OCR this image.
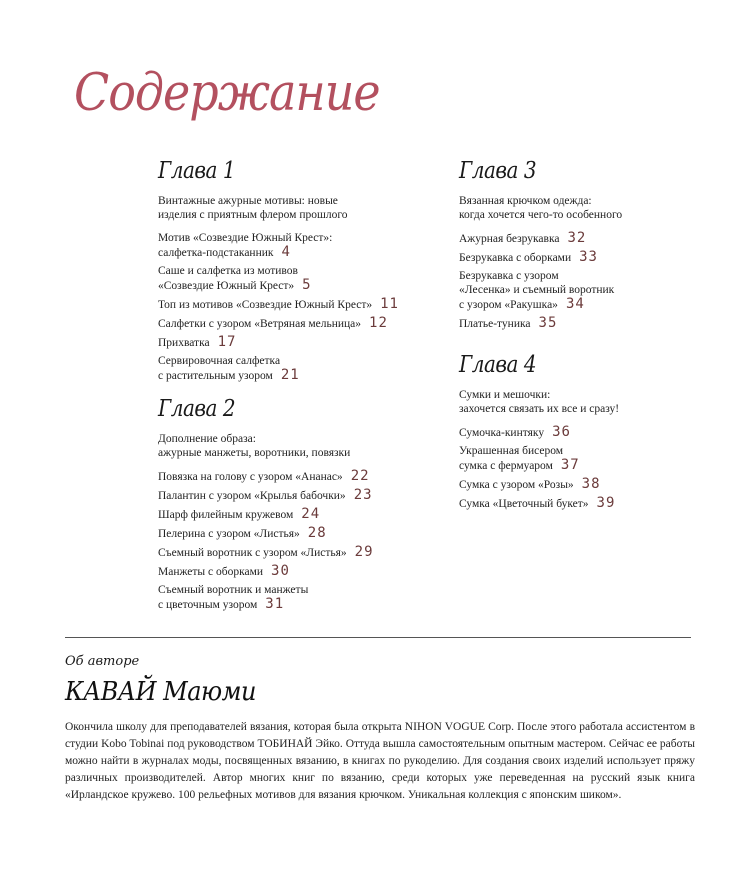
Содержание
Глава 1
Винтажные ажурные мотивы: новые
изделия с приятным флером прошлого
Мотив «Созвездие Южный Крест»:
салфетка-подстаканник 4
Саше и салфетка из мотивов
«Созвездие Южный Крест» 5
Топ из мотивов «Созвездие Южный Крест» 11
Салфетки с узором «Ветряная мельница» 12
Прихватка 17
Сервировочная салфетка
с растительным узором 21
Глава 2
Дополнение образа:
ажурные манжеты, воротники, повязки
Повязка на голову с узором «Ананас» 22
Палантин с узором «Крылья бабочки» 23
Шарф филейным кружевом 24
Пелерина с узором «Листья» 28
Съемный воротник с узором «Листья» 29
Манжеты с оборками 30
Съемный воротник и манжеты
с цветочным узором 31
Глава 3
Вязанная крючком одежда:
когда хочется чего-то особенного
Ажурная безрукавка 32
Безрукавка с оборками 33
Безрукавка с узором
«Лесенка» и съемный воротник
с узором «Ракушка» 34
Платье-туника 35
Глава 4
Сумки и мешочки:
захочется связать их все и сразу!
Сумочка-кинтяку 36
Украшенная бисером
сумка с фермуаром 37
Сумка с узором «Розы» 38
Сумка «Цветочный букет» 39
Об авторе
КАВАЙ Маюми
Окончила школу для преподавателей вязания, которая была открыта NIHON VOGUE Corp. После этого работала ассистентом в студии Kobo Tobinai под руководством ТОБИНАЙ Эйко. Оттуда вышла самостоятельным опытным мастером. Сейчас ее работы можно найти в журналах моды, посвященных вязанию, в книгах по рукоделию. Для создания своих изделий использует пряжу различных производителей. Автор многих книг по вязанию, среди которых уже переведенная на русский язык книга «Ирландское кружево. 100 рельефных мотивов для вязания крючком. Уникальная коллекция с японским шиком».
